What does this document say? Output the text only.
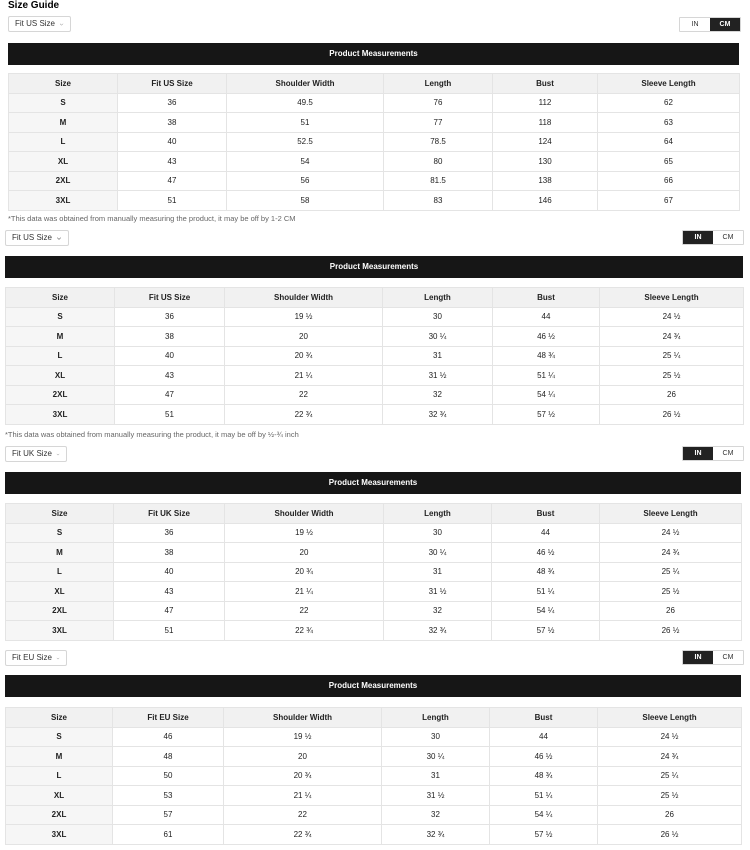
Size Guide
Fit US Size	IN	CM
Product Measurements
Size	Fit US Size	Shoulder Width	Length	Bust	Sleeve Length
S	36	49.5	76	112	62
M	38	51	77	118	63
L	40	52.5	78.5	124	64
XL	43	54	80	130	65
2XL	47	56	81.5	138	66
3XL	51	58	83	146	67
*This data was obtained from manually measuring the product, it may be off by 1-2 CM
Fit US Size	IN	CM
Product Measurements
Size	Fit US Size	Shoulder Width	Length	Bust	Sleeve Length
S	36	19 ½	30	44	24 ½
M	38	20	30 ¼	46 ½	24 ¾
L	40	20 ¾	31	48 ¾	25 ¼
XL	43	21 ¼	31 ½	51 ¼	25 ½
2XL	47	22	32	54 ¼	26
3XL	51	22 ¾	32 ¾	57 ½	26 ½
*This data was obtained from manually measuring the product, it may be off by ½-¾ inch
Fit UK Size	IN	CM
Product Measurements
Size	Fit UK Size	Shoulder Width	Length	Bust	Sleeve Length
S	36	19 ½	30	44	24 ½
M	38	20	30 ¼	46 ½	24 ¾
L	40	20 ¾	31	48 ¾	25 ¼
XL	43	21 ¼	31 ½	51 ¼	25 ½
2XL	47	22	32	54 ¼	26
3XL	51	22 ¾	32 ¾	57 ½	26 ½
Fit EU Size	IN	CM
Product Measurements
Size	Fit EU Size	Shoulder Width	Length	Bust	Sleeve Length
S	46	19 ½	30	44	24 ½
M	48	20	30 ¼	46 ½	24 ¾
L	50	20 ¾	31	48 ¾	25 ¼
XL	53	21 ¼	31 ½	51 ¼	25 ½
2XL	57	22	32	54 ¼	26
3XL	61	22 ¾	32 ¾	57 ½	26 ½
